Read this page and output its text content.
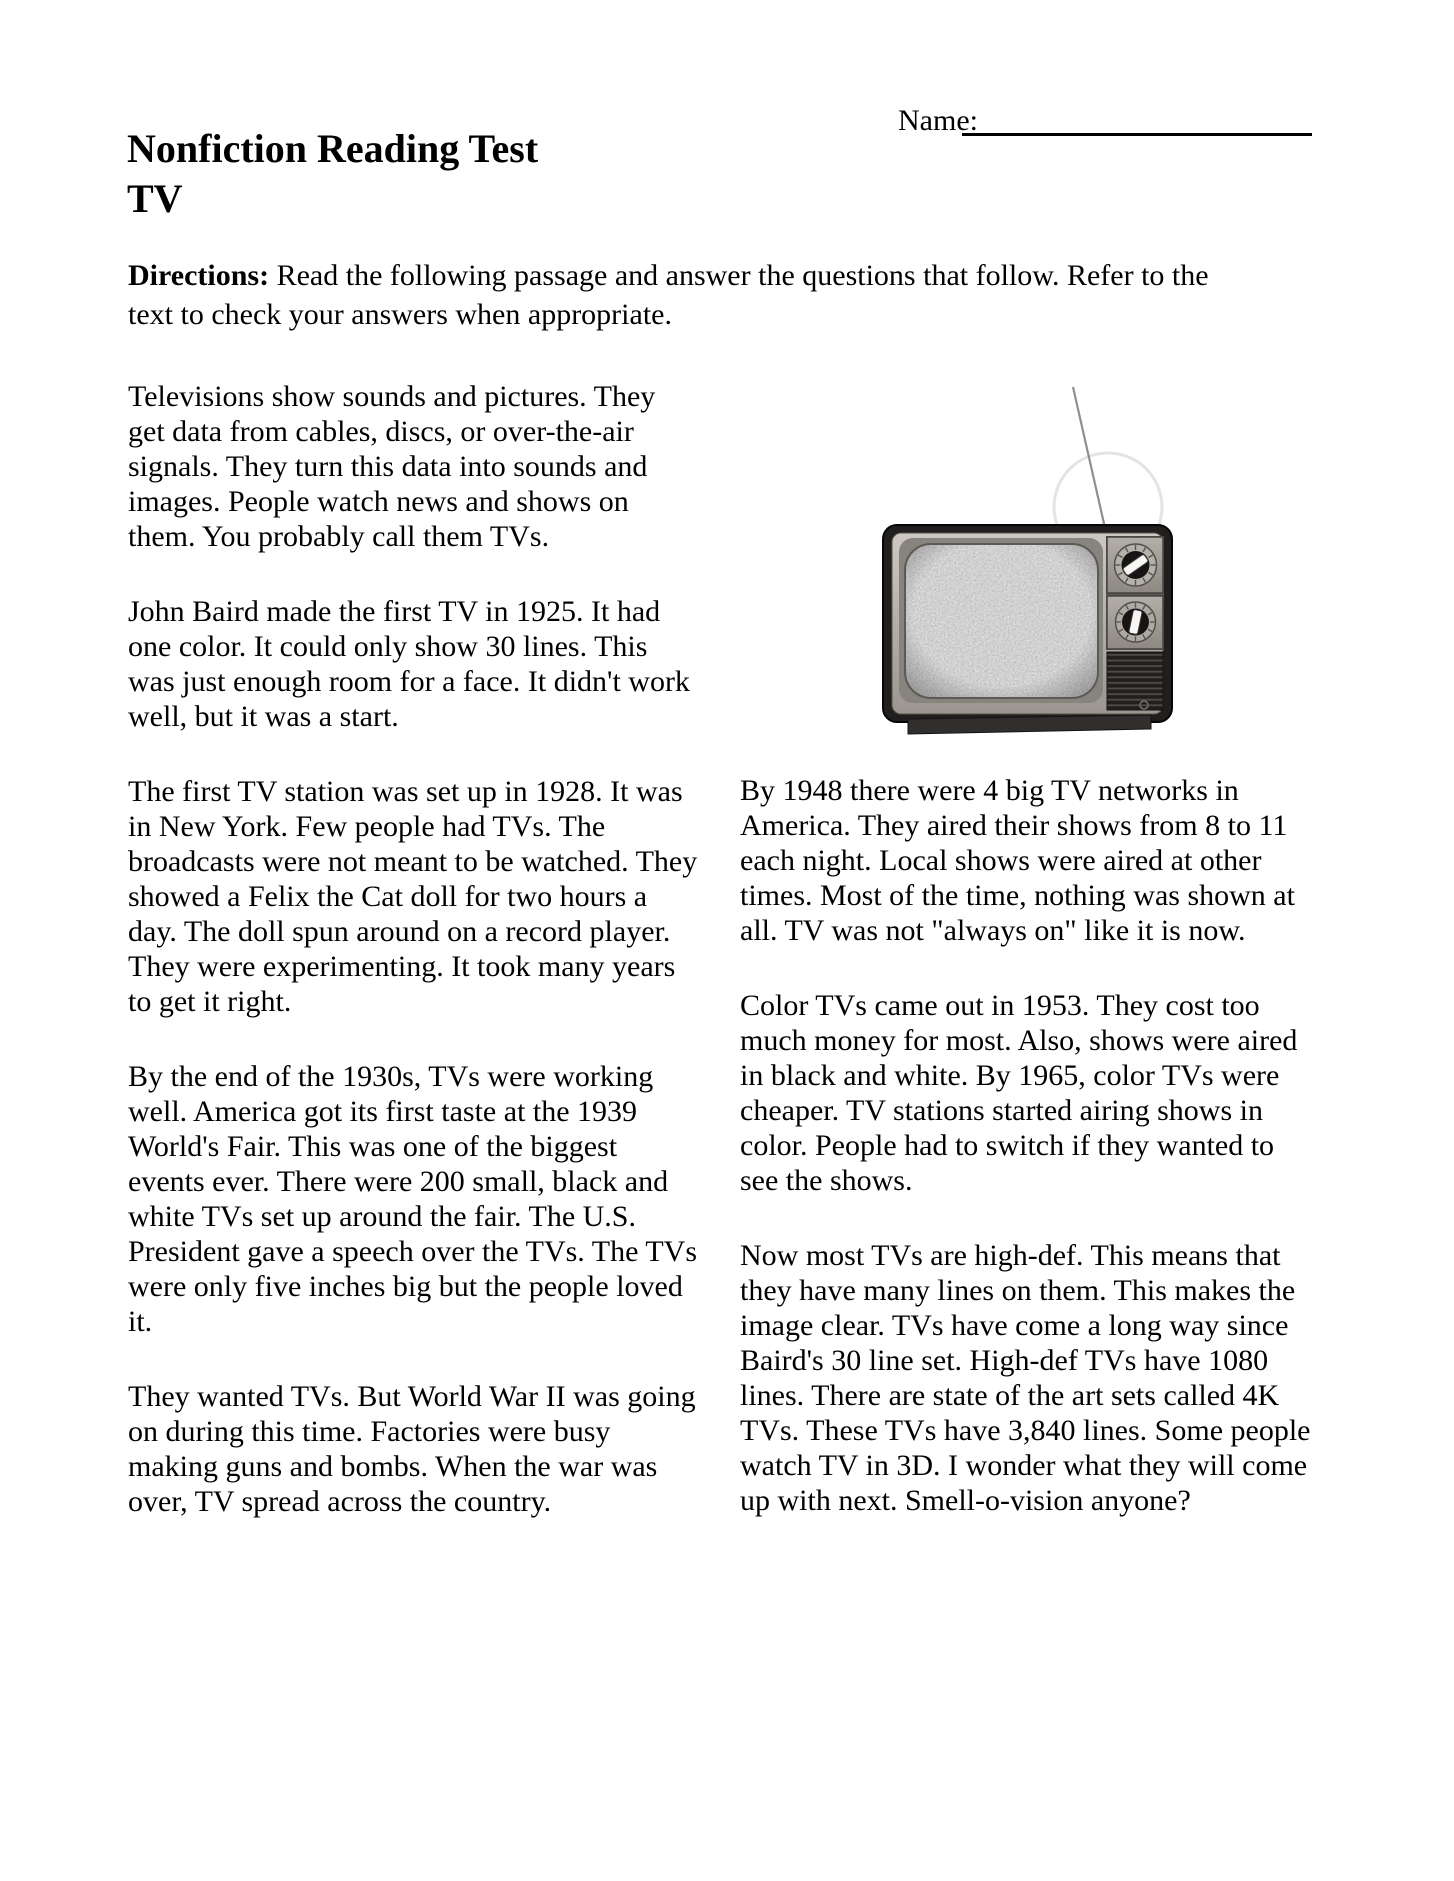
Name:
Nonfiction Reading Test
TV

Directions: Read the following passage and answer the questions that follow. Refer to the text to check your answers when appropriate.

Televisions show sounds and pictures. They get data from cables, discs, or over-the-air signals. They turn this data into sounds and images. People watch news and shows on them. You probably call them TVs.

John Baird made the first TV in 1925. It had one color. It could only show 30 lines. This was just enough room for a face. It didn't work well, but it was a start.

The first TV station was set up in 1928. It was in New York. Few people had TVs. The broadcasts were not meant to be watched. They showed a Felix the Cat doll for two hours a day. The doll spun around on a record player. They were experimenting. It took many years to get it right.

By the end of the 1930s, TVs were working well. America got its first taste at the 1939 World's Fair. This was one of the biggest events ever. There were 200 small, black and white TVs set up around the fair. The U.S. President gave a speech over the TVs. The TVs were only five inches big but the people loved it.

They wanted TVs. But World War II was going on during this time. Factories were busy making guns and bombs. When the war was over, TV spread across the country.

By 1948 there were 4 big TV networks in America. They aired their shows from 8 to 11 each night. Local shows were aired at other times. Most of the time, nothing was shown at all. TV was not "always on" like it is now.

Color TVs came out in 1953. They cost too much money for most. Also, shows were aired in black and white. By 1965, color TVs were cheaper. TV stations started airing shows in color. People had to switch if they wanted to see the shows.

Now most TVs are high-def. This means that they have many lines on them. This makes the image clear. TVs have come a long way since Baird's 30 line set. High-def TVs have 1080 lines. There are state of the art sets called 4K TVs. These TVs have 3,840 lines. Some people watch TV in 3D. I wonder what they will come up with next. Smell-o-vision anyone?
